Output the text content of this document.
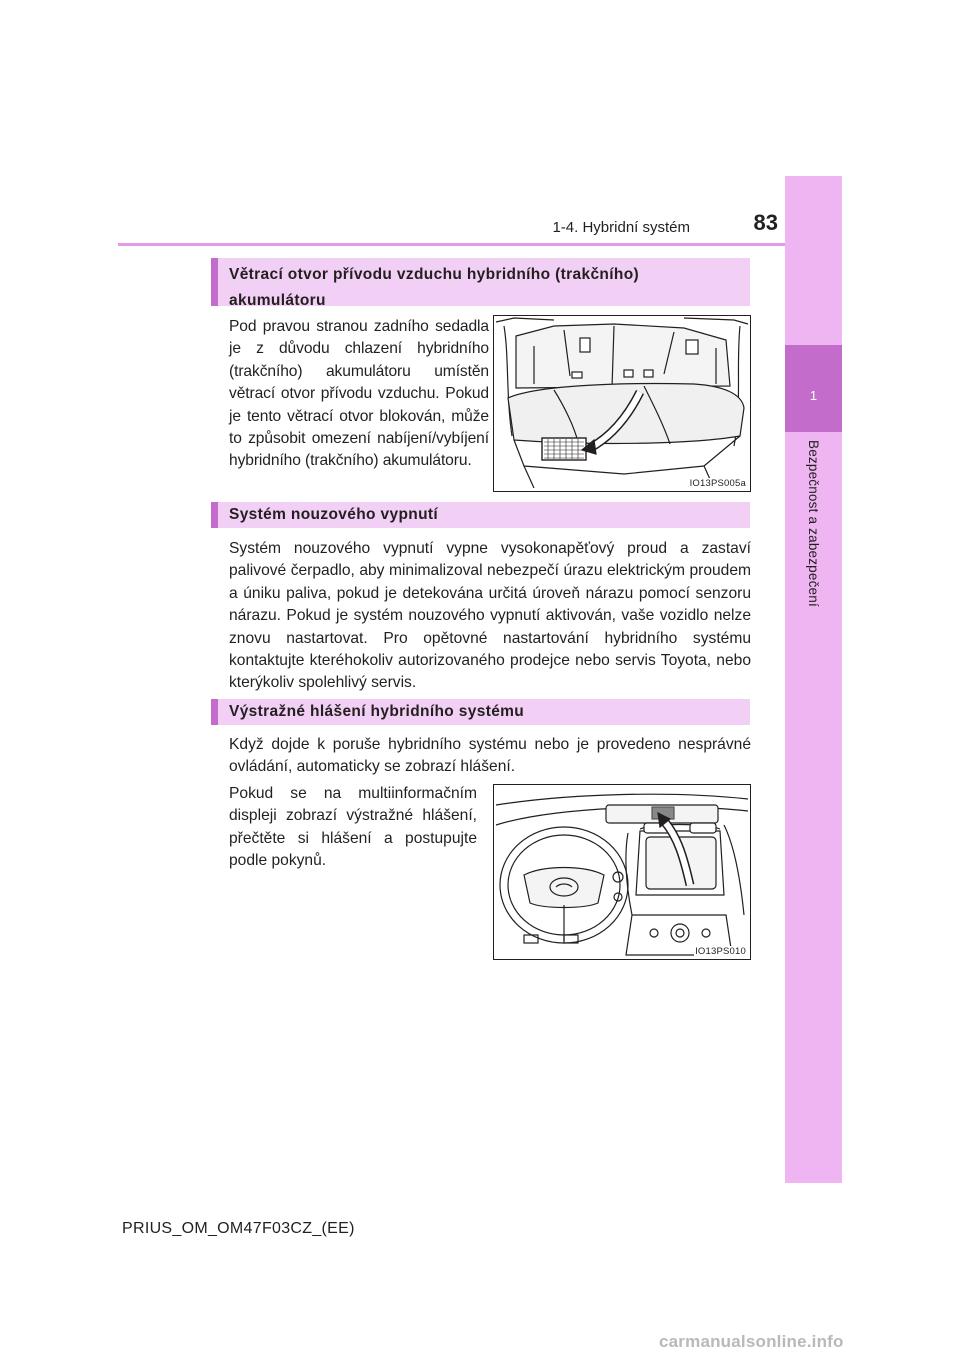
1-4. Hybridní systém	83
1
Bezpečnost a zabezpečení
Větrací otvor přívodu vzduchu hybridního (trakčního) akumulátoru
Pod pravou stranou zadního sedadla je z důvodu chlazení hybridního (trakčního) akumulátoru umístěn větrací otvor přívodu vzduchu. Pokud je tento větrací otvor blokován, může to způsobit omezení nabíjení/vybíjení hybridního (trakčního) akumulátoru.
IO13PS005a
Systém nouzového vypnutí
Systém nouzového vypnutí vypne vysokonapěťový proud a zastaví palivové čerpadlo, aby minimalizoval nebezpečí úrazu elektrickým proudem a úniku paliva, pokud je detekována určitá úroveň nárazu pomocí senzoru nárazu. Pokud je systém nouzového vypnutí aktivován, vaše vozidlo nelze znovu nastartovat. Pro opětovné nastartování hybridního systému kontaktujte kteréhokoliv autorizovaného prodejce nebo servis Toyota, nebo kterýkoliv spolehlivý servis.
Výstražné hlášení hybridního systému
Když dojde k poruše hybridního systému nebo je provedeno nesprávné ovládání, automaticky se zobrazí hlášení.
Pokud se na multiinformačním displeji zobrazí výstražné hlášení, přečtěte si hlášení a postupujte podle pokynů.
IO13PS010
PRIUS_OM_OM47F03CZ_(EE)
carmanualsonline.info
